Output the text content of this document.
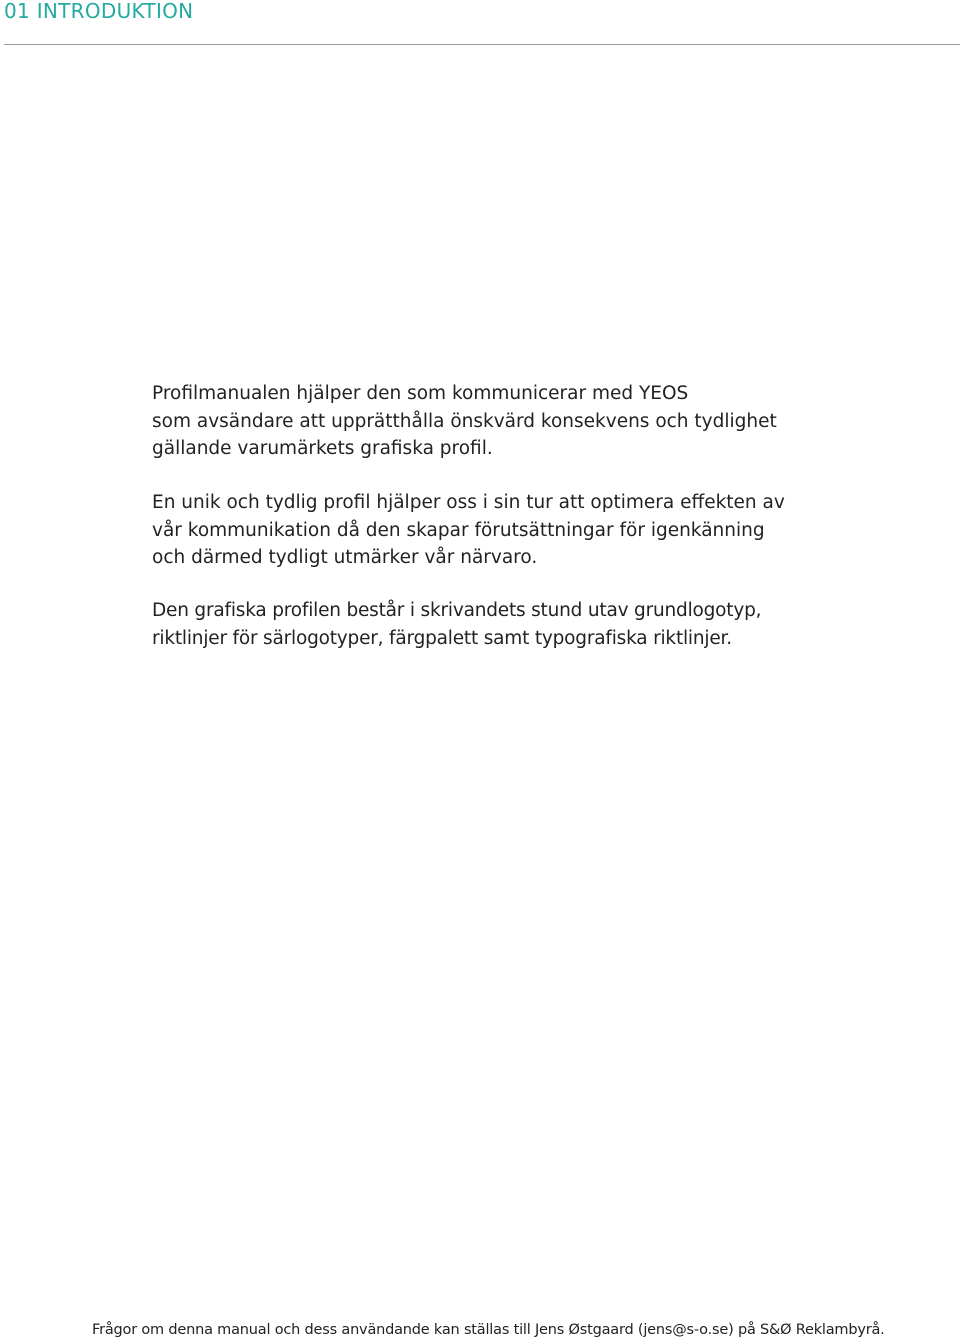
01 INTRODUKTION
Profilmanualen hjälper den som kommunicerar med YEOS
som avsändare att upprätthålla önskvärd konsekvens och tydlighet
gällande varumärkets grafiska profil.
En unik och tydlig profil hjälper oss i sin tur att optimera effekten av
vår kommunikation då den skapar förutsättningar för igenkänning
och därmed tydligt utmärker vår närvaro.
Den grafiska profilen består i skrivandets stund utav grundlogotyp,
riktlinjer för särlogotyper, färgpalett samt typografiska riktlinjer.
Frågor om denna manual och dess användande kan ställas till Jens Østgaard (jens@s-o.se) på S&Ø Reklambyrå.
